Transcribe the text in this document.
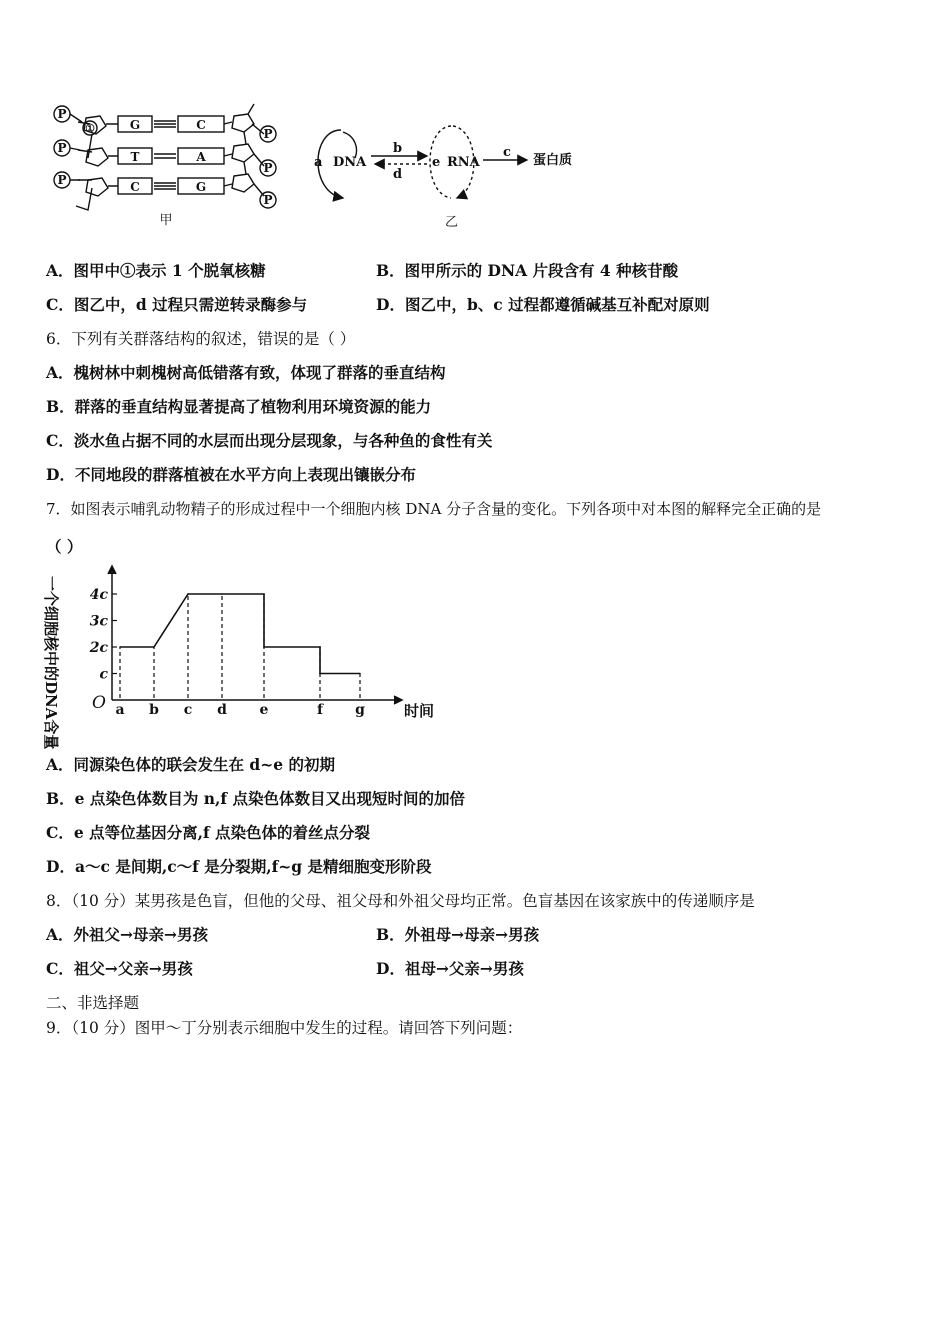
P
P
P
P
P
P
①	G	C
T	A
C	G
甲
a DNA
b
d
e RNA
c
蛋白质
乙
A．图甲中①表示 1 个脱氧核糖	B．图甲所示的 DNA 片段含有 4 种核苷酸
C．图乙中，d 过程只需逆转录酶参与	D．图乙中，b、c 过程都遵循碱基互补配对原则
6．下列有关群落结构的叙述，错误的是（ ）
A．槐树林中刺槐树高低错落有致，体现了群落的垂直结构
B．群落的垂直结构显著提高了植物利用环境资源的能力
C．淡水鱼占据不同的水层而出现分层现象，与各种鱼的食性有关
D．不同地段的群落植被在水平方向上表现出镶嵌分布
7．如图表示哺乳动物精子的形成过程中一个细胞内核 DNA 分子含量的变化。下列各项中对本图的解释完全正确的是
（ ）
c
2c
3c
4c
a b c d e	f g
O	时间
一个细胞核中的DNA含量
A．同源染色体的联会发生在 d~e 的初期
B．e 点染色体数目为 n,f 点染色体数目又出现短时间的加倍
C．e 点等位基因分离,f 点染色体的着丝点分裂
D．a～c 是间期,c～f 是分裂期,f~g 是精细胞变形阶段
8．（10 分）某男孩是色盲，但他的父母、祖父母和外祖父母均正常。色盲基因在该家族中的传递顺序是
A．外祖父→母亲→男孩	B．外祖母→母亲→男孩
C．祖父→父亲→男孩	D．祖母→父亲→男孩
二、非选择题
9．（10 分）图甲～丁分别表示细胞中发生的过程。请回答下列问题：
